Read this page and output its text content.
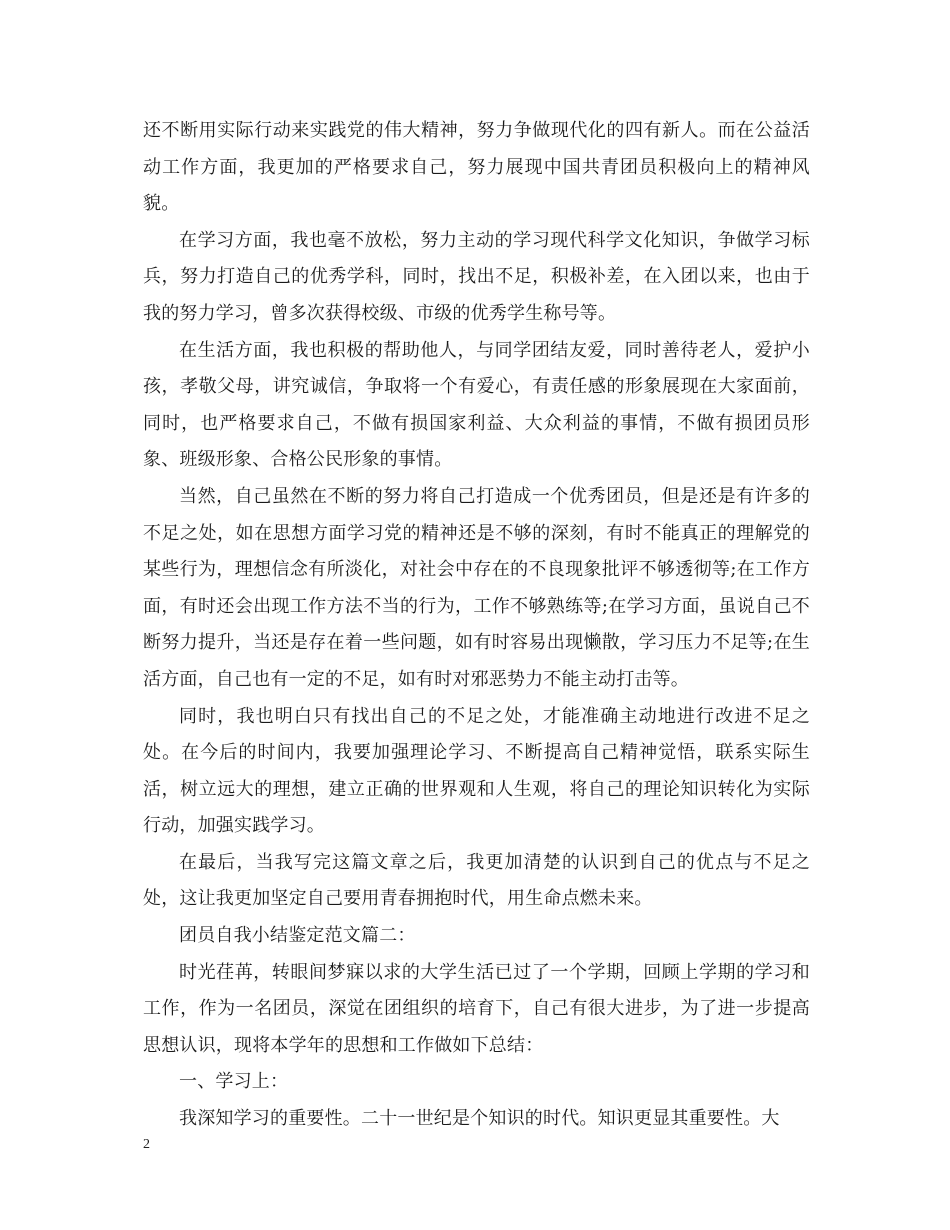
还不断用实际行动来实践党的伟大精神，努力争做现代化的四有新人。而在公益活动工作方面，我更加的严格要求自己，努力展现中国共青团员积极向上的精神风貌。

在学习方面，我也毫不放松，努力主动的学习现代科学文化知识，争做学习标兵，努力打造自己的优秀学科，同时，找出不足，积极补差，在入团以来，也由于我的努力学习，曾多次获得校级、市级的优秀学生称号等。

在生活方面，我也积极的帮助他人，与同学团结友爱，同时善待老人，爱护小孩，孝敬父母，讲究诚信，争取将一个有爱心，有责任感的形象展现在大家面前，同时，也严格要求自己，不做有损国家利益、大众利益的事情，不做有损团员形象、班级形象、合格公民形象的事情。

当然，自己虽然在不断的努力将自己打造成一个优秀团员，但是还是有许多的不足之处，如在思想方面学习党的精神还是不够的深刻，有时不能真正的理解党的某些行为，理想信念有所淡化，对社会中存在的不良现象批评不够透彻等;在工作方面，有时还会出现工作方法不当的行为，工作不够熟练等;在学习方面，虽说自己不断努力提升，当还是存在着一些问题，如有时容易出现懒散，学习压力不足等;在生活方面，自己也有一定的不足，如有时对邪恶势力不能主动打击等。

同时，我也明白只有找出自己的不足之处，才能准确主动地进行改进不足之处。在今后的时间内，我要加强理论学习、不断提高自己精神觉悟，联系实际生活，树立远大的理想，建立正确的世界观和人生观，将自己的理论知识转化为实际行动，加强实践学习。

在最后，当我写完这篇文章之后，我更加清楚的认识到自己的优点与不足之处，这让我更加坚定自己要用青春拥抱时代，用生命点燃未来。

团员自我小结鉴定范文篇二：

时光荏苒，转眼间梦寐以求的大学生活已过了一个学期，回顾上学期的学习和工作，作为一名团员，深觉在团组织的培育下，自己有很大进步，为了进一步提高思想认识，现将本学年的思想和工作做如下总结：

一、学习上：

我深知学习的重要性。二十一世纪是个知识的时代。知识更显其重要性。大

2
